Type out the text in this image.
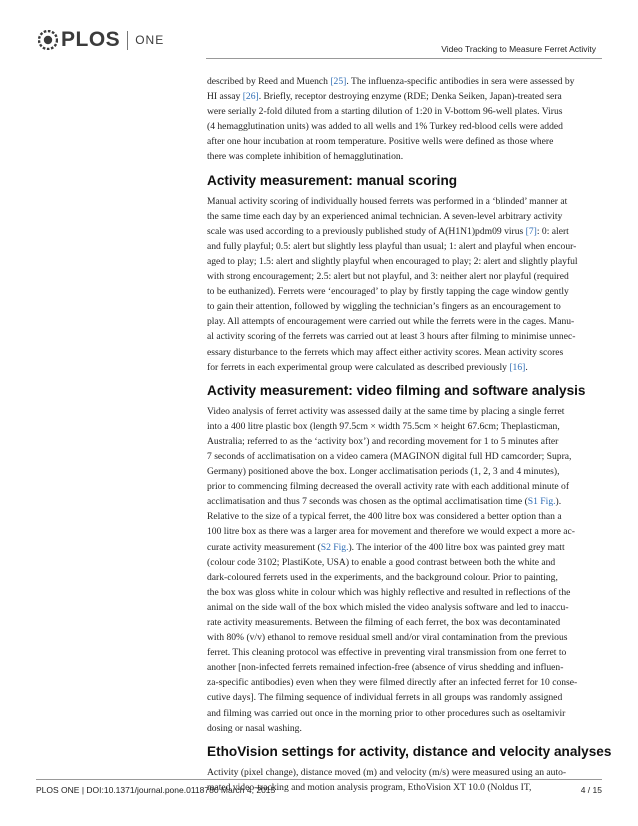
PLOS ONE
Video Tracking to Measure Ferret Activity

described by Reed and Muench [25]. The influenza-specific antibodies in sera were assessed by
HI assay [26]. Briefly, receptor destroying enzyme (RDE; Denka Seiken, Japan)-treated sera
were serially 2-fold diluted from a starting dilution of 1:20 in V-bottom 96-well plates. Virus
(4 hemagglutination units) was added to all wells and 1% Turkey red-blood cells were added
after one hour incubation at room temperature. Positive wells were defined as those where
there was complete inhibition of hemagglutination.

Activity measurement: manual scoring

Manual activity scoring of individually housed ferrets was performed in a ‘blinded’ manner at
the same time each day by an experienced animal technician. A seven-level arbitrary activity
scale was used according to a previously published study of A(H1N1)pdm09 virus [7]: 0: alert
and fully playful; 0.5: alert but slightly less playful than usual; 1: alert and playful when encour-
aged to play; 1.5: alert and slightly playful when encouraged to play; 2: alert and slightly playful
with strong encouragement; 2.5: alert but not playful, and 3: neither alert nor playful (required
to be euthanized). Ferrets were ‘encouraged’ to play by firstly tapping the cage window gently
to gain their attention, followed by wiggling the technician’s fingers as an encouragement to
play. All attempts of encouragement were carried out while the ferrets were in the cages. Manu-
al activity scoring of the ferrets was carried out at least 3 hours after filming to minimise unnec-
essary disturbance to the ferrets which may affect either activity scores. Mean activity scores
for ferrets in each experimental group were calculated as described previously [16].

Activity measurement: video filming and software analysis

Video analysis of ferret activity was assessed daily at the same time by placing a single ferret
into a 400 litre plastic box (length 97.5cm × width 75.5cm × height 67.6cm; Theplasticman,
Australia; referred to as the ‘activity box’) and recording movement for 1 to 5 minutes after
7 seconds of acclimatisation on a video camera (MAGINON digital full HD camcorder; Supra,
Germany) positioned above the box. Longer acclimatisation periods (1, 2, 3 and 4 minutes),
prior to commencing filming decreased the overall activity rate with each additional minute of
acclimatisation and thus 7 seconds was chosen as the optimal acclimatisation time (S1 Fig.).
Relative to the size of a typical ferret, the 400 litre box was considered a better option than a
100 litre box as there was a larger area for movement and therefore we would expect a more ac-
curate activity measurement (S2 Fig.). The interior of the 400 litre box was painted grey matt
(colour code 3102; PlastiKote, USA) to enable a good contrast between both the white and
dark-coloured ferrets used in the experiments, and the background colour. Prior to painting,
the box was gloss white in colour which was highly reflective and resulted in reflections of the
animal on the side wall of the box which misled the video analysis software and led to inaccu-
rate activity measurements. Between the filming of each ferret, the box was decontaminated
with 80% (v/v) ethanol to remove residual smell and/or viral contamination from the previous
ferret. This cleaning protocol was effective in preventing viral transmission from one ferret to
another [non-infected ferrets remained infection-free (absence of virus shedding and influen-
za-specific antibodies) even when they were filmed directly after an infected ferret for 10 conse-
cutive days]. The filming sequence of individual ferrets in all groups was randomly assigned
and filming was carried out once in the morning prior to other procedures such as oseltamivir
dosing or nasal washing.

EthoVision settings for activity, distance and velocity analyses

Activity (pixel change), distance moved (m) and velocity (m/s) were measured using an auto-
mated video-tracking and motion analysis program, EthoVision XT 10.0 (Noldus IT,

PLOS ONE | DOI:10.1371/journal.pone.0118780 March 4, 2015	4 / 15
